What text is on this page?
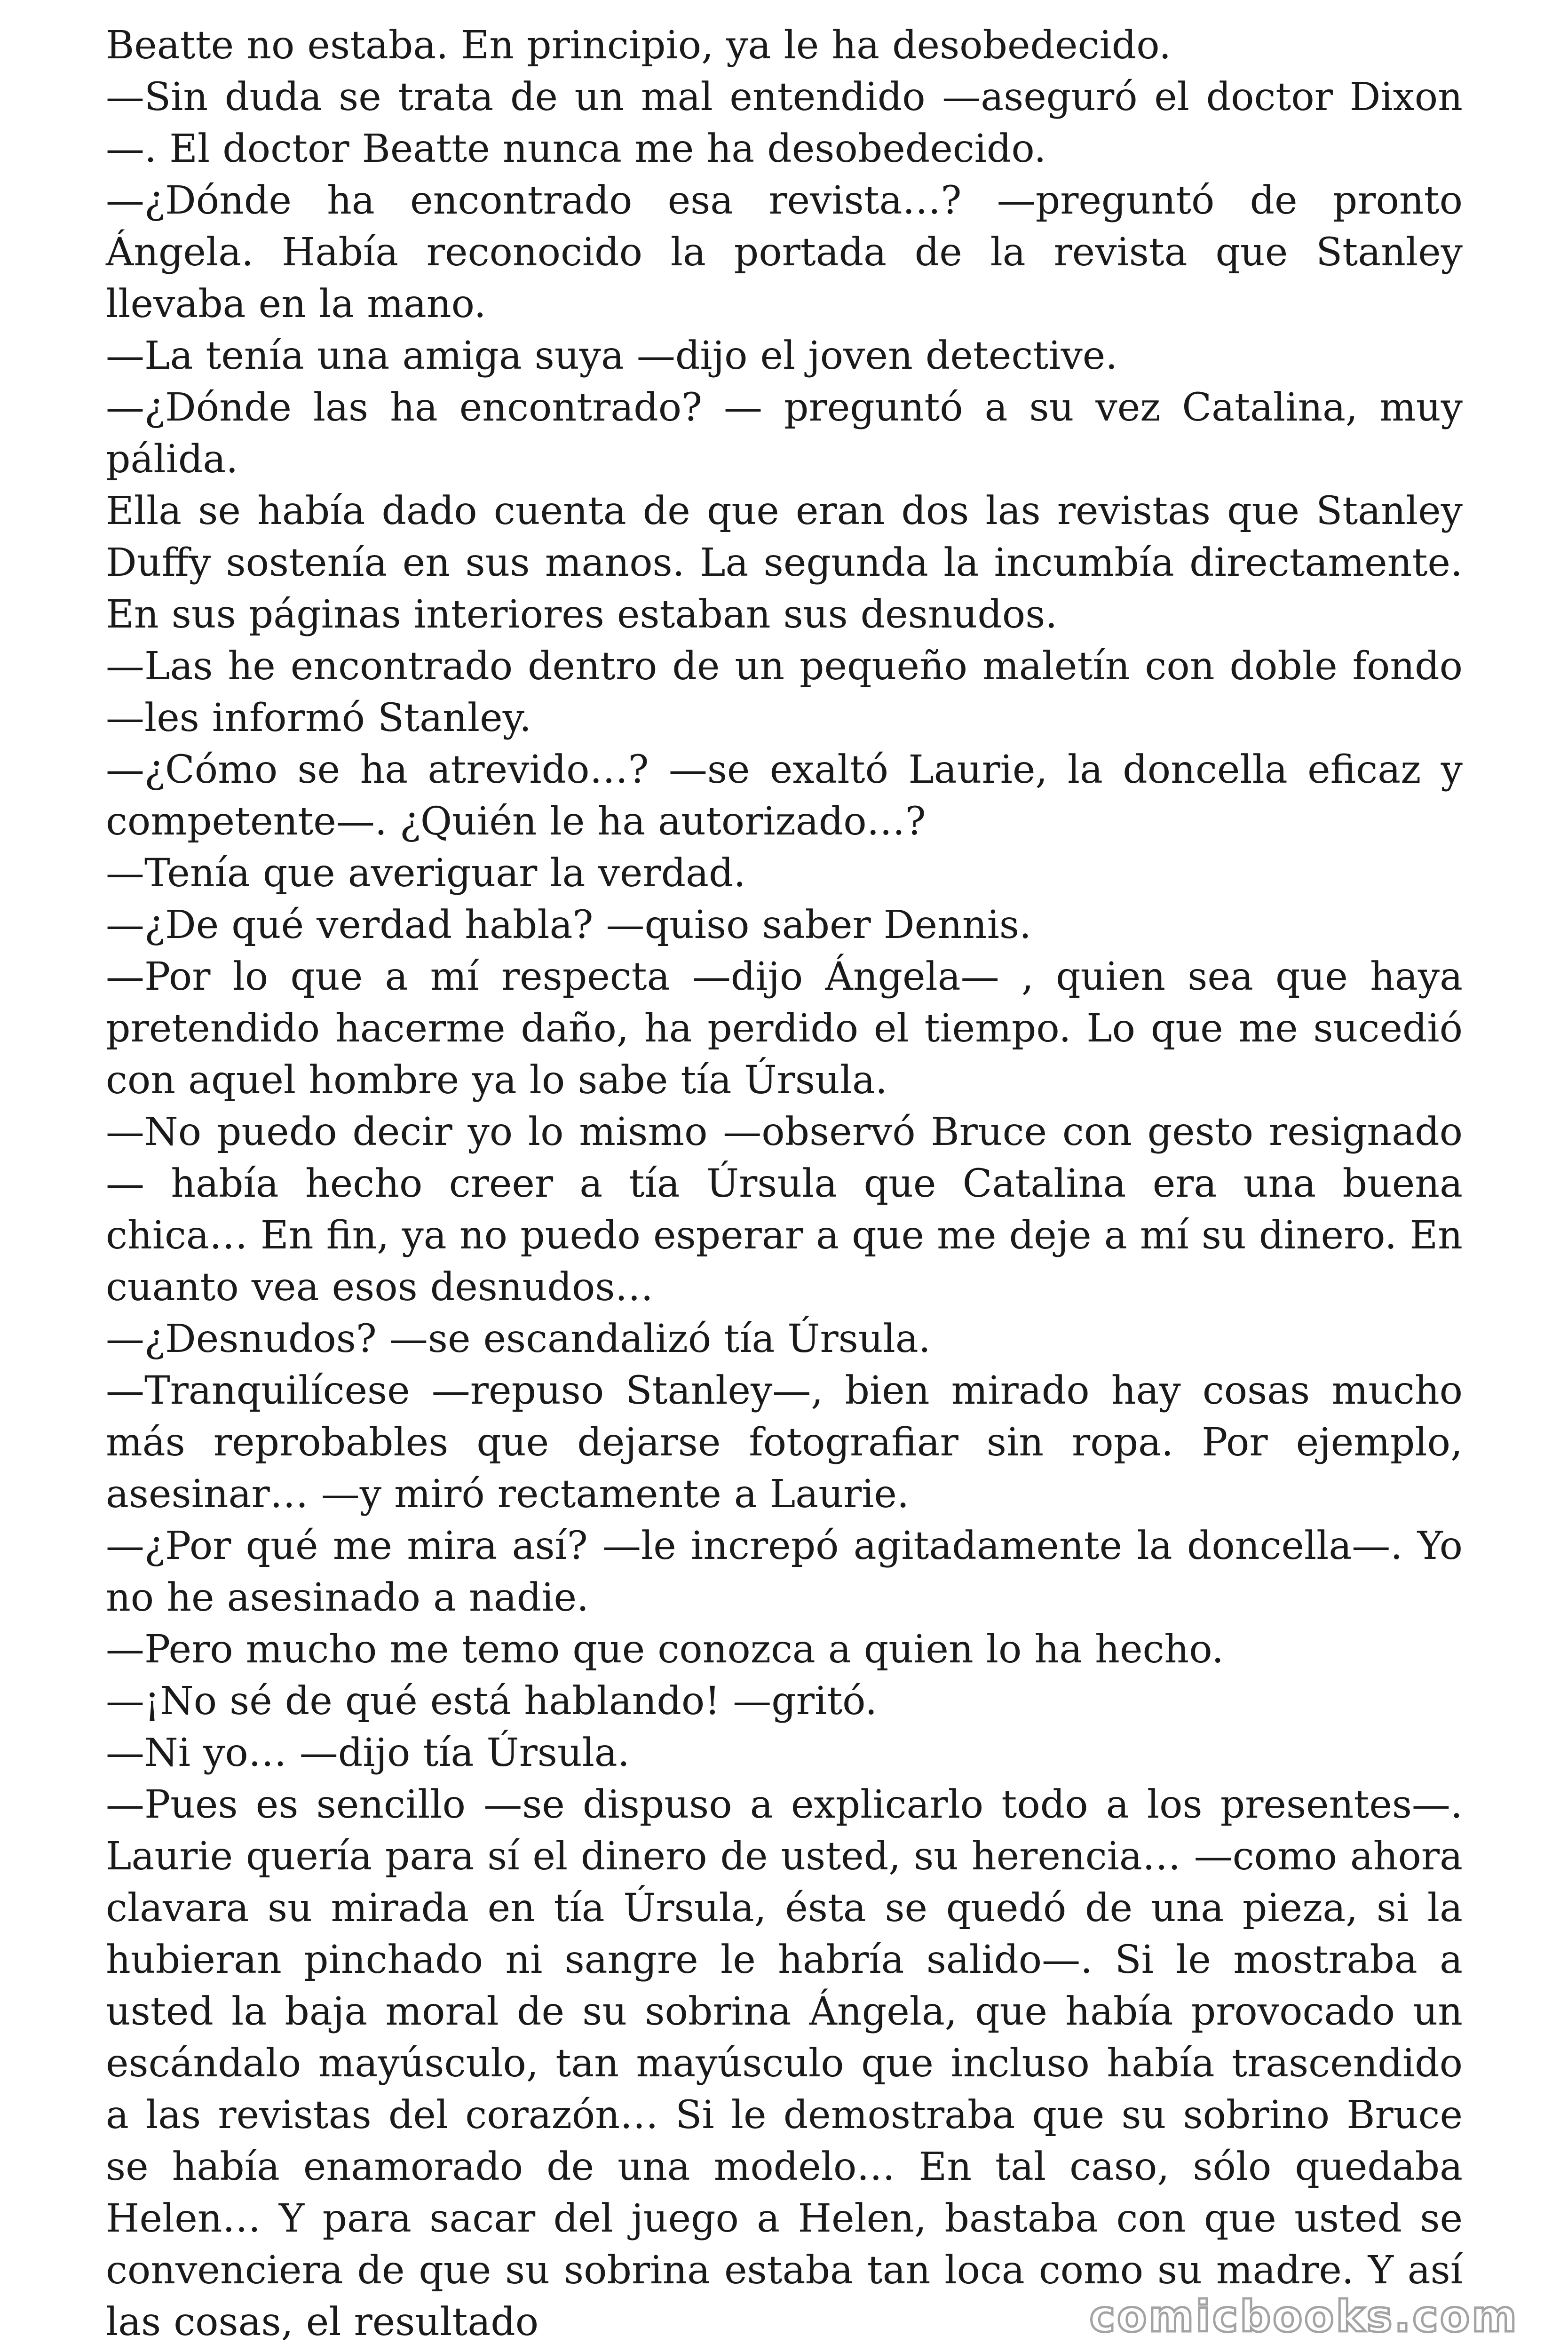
Beatte no estaba. En principio, ya le ha desobedecido.

—Sin duda se trata de un mal entendido —aseguró el doctor Dixon—. El doctor Beatte nunca me ha desobedecido.

—¿Dónde ha encontrado esa revista…? —preguntó de pronto Ángela. Había reconocido la portada de la revista que Stanley llevaba en la mano.

—La tenía una amiga suya —dijo el joven detective.

—¿Dónde las ha encontrado? — preguntó a su vez Catalina, muy pálida.

Ella se había dado cuenta de que eran dos las revistas que Stanley Duffy sostenía en sus manos. La segunda la incumbía directamente. En sus páginas interiores estaban sus desnudos.

—Las he encontrado dentro de un pequeño maletín con doble fondo —les informó Stanley.

—¿Cómo se ha atrevido…? —se exaltó Laurie, la doncella eficaz y competente—. ¿Quién le ha autorizado…?

—Tenía que averiguar la verdad.

—¿De qué verdad habla? —quiso saber Dennis.

—Por lo que a mí respecta —dijo Ángela— , quien sea que haya pretendido hacerme daño, ha perdido el tiempo. Lo que me sucedió con aquel hombre ya lo sabe tía Úrsula.

—No puedo decir yo lo mismo —observó Bruce con gesto resignado— había hecho creer a tía Úrsula que Catalina era una buena chica… En fin, ya no puedo esperar a que me deje a mí su dinero. En cuanto vea esos desnudos…

—¿Desnudos? —se escandalizó tía Úrsula.

—Tranquilícese —repuso Stanley—, bien mirado hay cosas mucho más reprobables que dejarse fotografiar sin ropa. Por ejemplo, asesinar… —y miró rectamente a Laurie.

—¿Por qué me mira así? —le increpó agitadamente la doncella—. Yo no he asesinado a nadie.

—Pero mucho me temo que conozca a quien lo ha hecho.

—¡No sé de qué está hablando! —gritó.

—Ni yo… —dijo tía Úrsula.

—Pues es sencillo —se dispuso a explicarlo todo a los presentes—. Laurie quería para sí el dinero de usted, su herencia… —como ahora clavara su mirada en tía Úrsula, ésta se quedó de una pieza, si la hubieran pinchado ni sangre le habría salido—. Si le mostraba a usted la baja moral de su sobrina Ángela, que había provocado un escándalo mayúsculo, tan mayúsculo que incluso había trascendido a las revistas del corazón… Si le demostraba que su sobrino Bruce se había enamorado de una modelo… En tal caso, sólo quedaba Helen… Y para sacar del juego a Helen, bastaba con que usted se convenciera de que su sobrina estaba tan loca como su madre. Y así las cosas, el resultado	comicbooks.com
